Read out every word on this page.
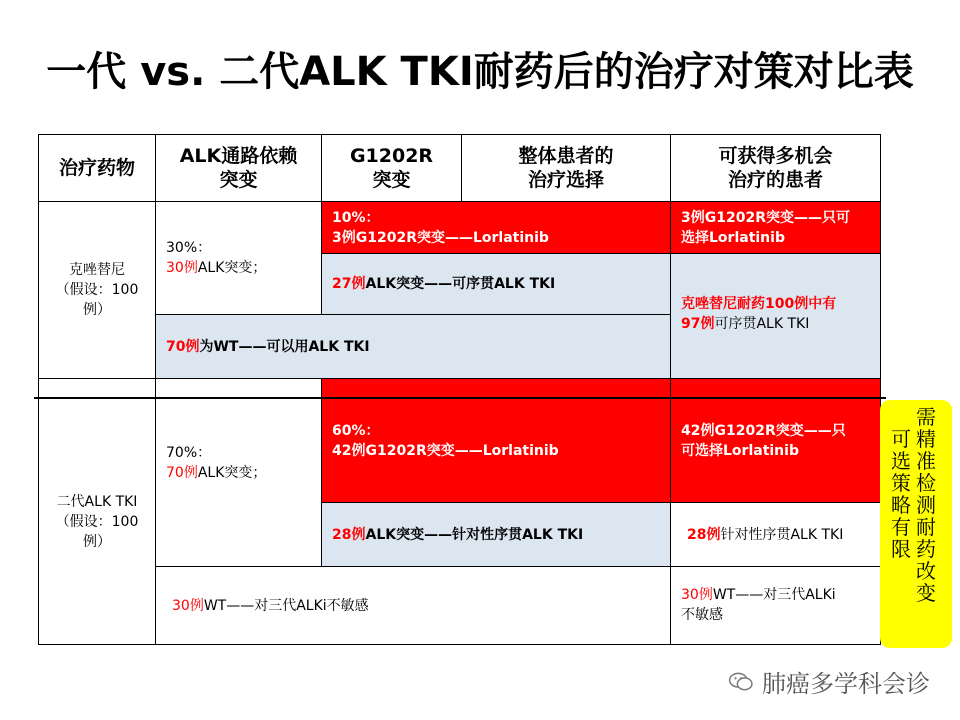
一代 vs. 二代ALK TKI耐药后的治疗对策对比表
治疗药物
ALK通路依赖
突变
G1202R
突变
整体患者的
治疗选择
可获得多机会
治疗的患者
克唑替尼
（假设：100
例）
30%：
30例ALK突变；
10%：
3例G1202R突变——Lorlatinib
3例G1202R突变——只可
选择Lorlatinib
27例 ALK突变——可序贯ALK TKI
克唑替尼耐药100例中有
97例可序贯ALK TKI
70例 为WT——可以用ALK TKI
二代ALK TKI
（假设：100
例）
70%：
70例ALK突变；
60%：
42例G1202R突变——Lorlatinib
42例G1202R突变——只
可选择Lorlatinib
28例 ALK突变——针对性序贯ALK TKI	28例 针对性序贯ALK TKI
30例 WT——对三代ALKi不敏感
30例WT——对三代ALKi
不敏感
可
选
策
略
有
限
需
精
准
检
测
耐
药
改
变
肺癌多学科会诊
